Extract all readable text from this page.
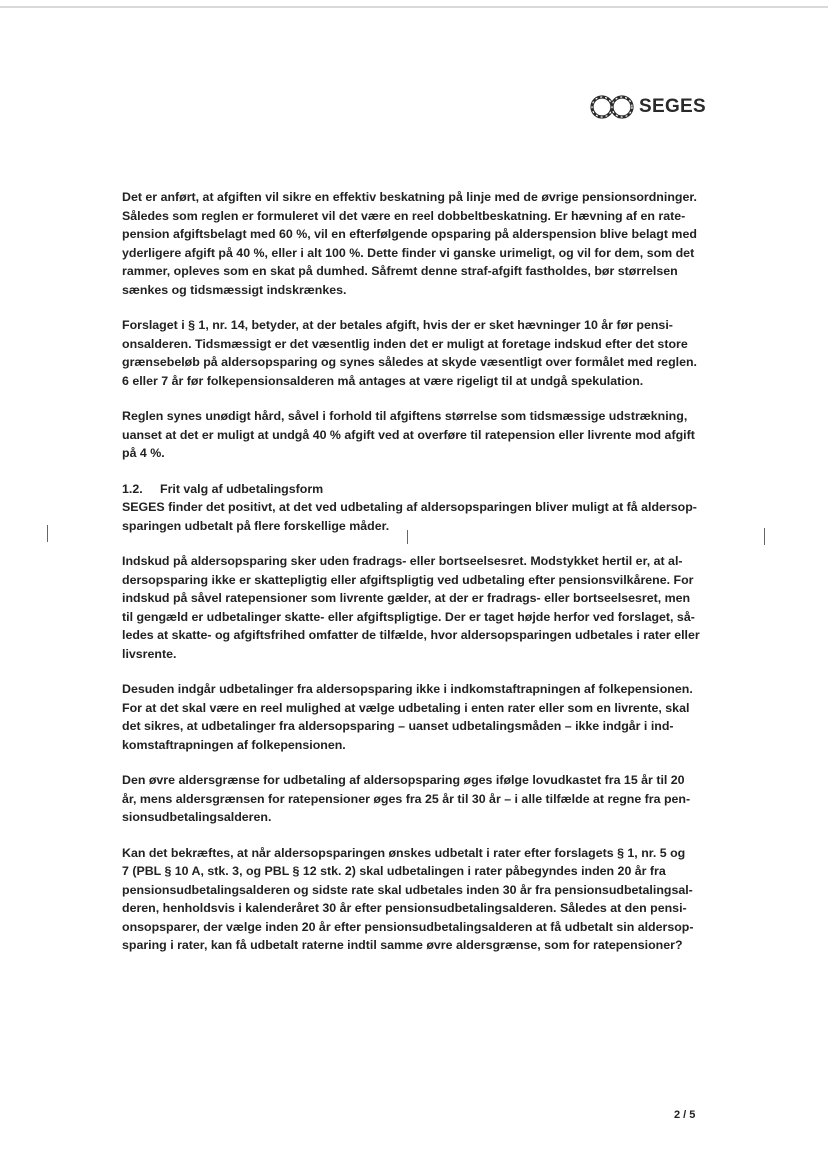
SEGES
Det er anført, at afgiften vil sikre en effektiv beskatning på linje med de øvrige pensionsordninger.
Således som reglen er formuleret vil det være en reel dobbeltbeskatning. Er hævning af en rate-
pension afgiftsbelagt med 60 %, vil en efterfølgende opsparing på alderspension blive belagt med
yderligere afgift på 40 %, eller i alt 100 %. Dette finder vi ganske urimeligt, og vil for dem, som det
rammer, opleves som en skat på dumhed. Såfremt denne straf-afgift fastholdes, bør størrelsen
sænkes og tidsmæssigt indskrænkes.
Forslaget i § 1, nr. 14, betyder, at der betales afgift, hvis der er sket hævninger 10 år før pensi-
onsalderen. Tidsmæssigt er det væsentlig inden det er muligt at foretage indskud efter det store
grænsebeløb på aldersopsparing og synes således at skyde væsentligt over formålet med reglen.
6 eller 7 år før folkepensionsalderen må antages at være rigeligt til at undgå spekulation.
Reglen synes unødigt hård, såvel i forhold til afgiftens størrelse som tidsmæssige udstrækning,
uanset at det er muligt at undgå 40 % afgift ved at overføre til ratepension eller livrente mod afgift
på 4 %.
1.2. Frit valg af udbetalingsform
SEGES finder det positivt, at det ved udbetaling af aldersopsparingen bliver muligt at få aldersop-
sparingen udbetalt på flere forskellige måder.
Indskud på aldersopsparing sker uden fradrags- eller bortseelsesret. Modstykket hertil er, at al-
dersopsparing ikke er skattepligtig eller afgiftspligtig ved udbetaling efter pensionsvilkårene. For
indskud på såvel ratepensioner som livrente gælder, at der er fradrags- eller bortseelsesret, men
til gengæld er udbetalinger skatte- eller afgiftspligtige. Der er taget højde herfor ved forslaget, så-
ledes at skatte- og afgiftsfrihed omfatter de tilfælde, hvor aldersopsparingen udbetales i rater eller
livsrente.
Desuden indgår udbetalinger fra aldersopsparing ikke i indkomstaftrapningen af folkepensionen.
For at det skal være en reel mulighed at vælge udbetaling i enten rater eller som en livrente, skal
det sikres, at udbetalinger fra aldersopsparing – uanset udbetalingsmåden – ikke indgår i ind-
komstaftrapningen af folkepensionen.
Den øvre aldersgrænse for udbetaling af aldersopsparing øges ifølge lovudkastet fra 15 år til 20
år, mens aldersgrænsen for ratepensioner øges fra 25 år til 30 år – i alle tilfælde at regne fra pen-
sionsudbetalingsalderen.
Kan det bekræftes, at når aldersopsparingen ønskes udbetalt i rater efter forslagets § 1, nr. 5 og
7 (PBL § 10 A, stk. 3, og PBL § 12 stk. 2) skal udbetalingen i rater påbegyndes inden 20 år fra
pensionsudbetalingsalderen og sidste rate skal udbetales inden 30 år fra pensionsudbetalingsal-
deren, henholdsvis i kalenderåret 30 år efter pensionsudbetalingsalderen. Således at den pensi-
onsopsparer, der vælge inden 20 år efter pensionsudbetalingsalderen at få udbetalt sin aldersop-
sparing i rater, kan få udbetalt raterne indtil samme øvre aldersgrænse, som for ratepensioner?
2 / 5
